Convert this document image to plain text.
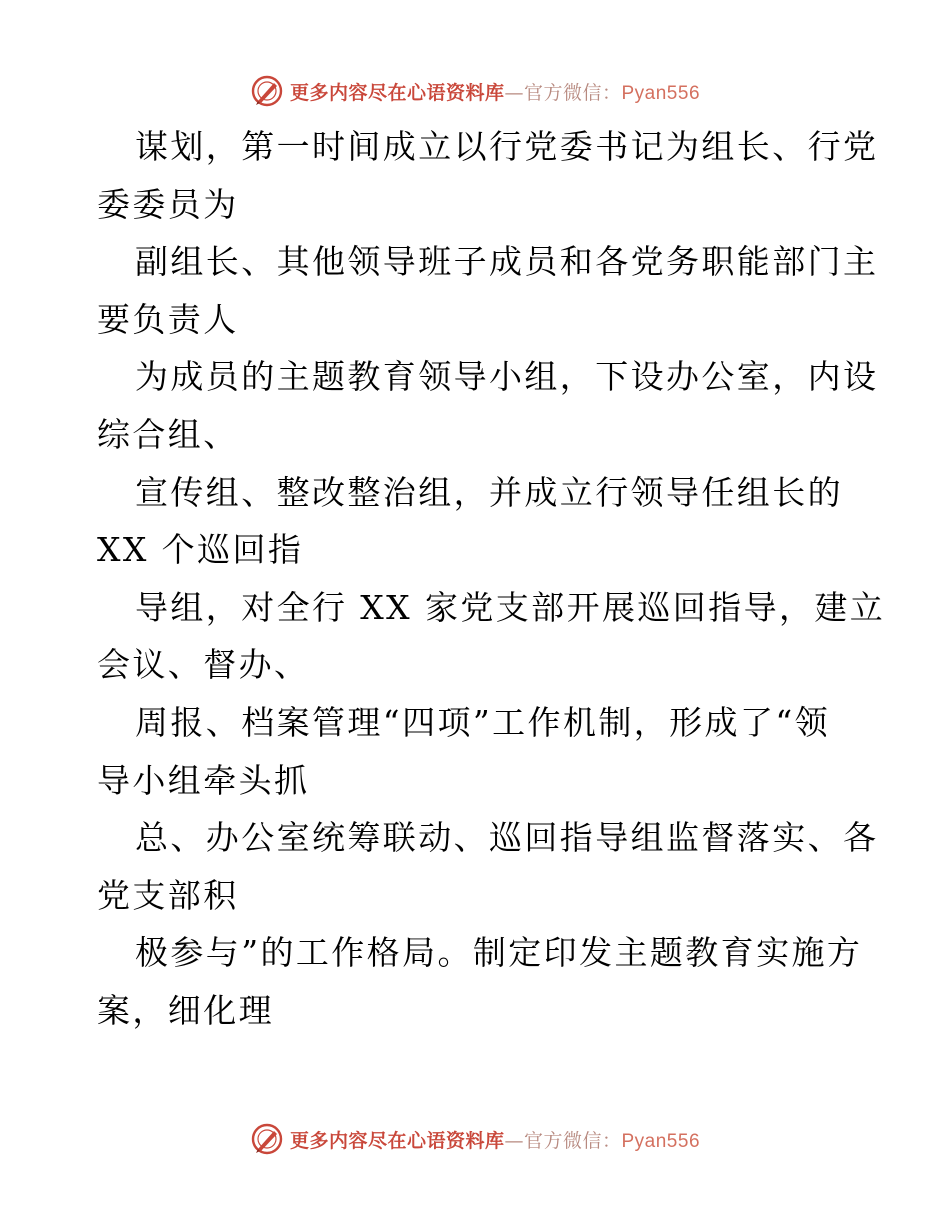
更多内容尽在心语资料库—官方微信：Pyan556
谋划，第一时间成立以行党委书记为组长、行党
委委员为
副组长、其他领导班子成员和各党务职能部门主
要负责人
为成员的主题教育领导小组，下设办公室，内设
综合组、
宣传组、整改整治组，并成立行领导任组长的
XX 个巡回指
导组，对全行 XX 家党支部开展巡回指导，建立
会议、督办、
周报、档案管理“四项”工作机制，形成了“领
导小组牵头抓
总、办公室统筹联动、巡回指导组监督落实、各
党支部积
极参与”的工作格局。制定印发主题教育实施方
案，细化理
更多内容尽在心语资料库—官方微信：Pyan556
